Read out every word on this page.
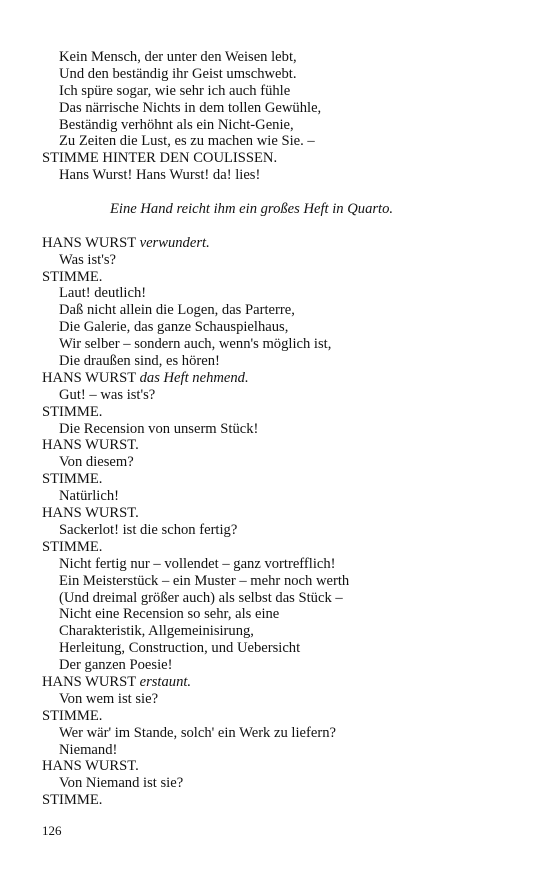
Kein Mensch, der unter den Weisen lebt,
Und den beständig ihr Geist umschwebt.
Ich spüre sogar, wie sehr ich auch fühle
Das närrische Nichts in dem tollen Gewühle,
Beständig verhöhnt als ein Nicht-Genie,
Zu Zeiten die Lust, es zu machen wie Sie. –
STIMME HINTER DEN COULISSEN.
Hans Wurst! Hans Wurst! da! lies!
Eine Hand reicht ihm ein großes Heft in Quarto.
HANS WURST verwundert.
Was ist's?
STIMME.
Laut! deutlich!
Daß nicht allein die Logen, das Parterre,
Die Galerie, das ganze Schauspielhaus,
Wir selber – sondern auch, wenn's möglich ist,
Die draußen sind, es hören!
HANS WURST das Heft nehmend.
Gut! – was ist's?
STIMME.
Die Recension von unserm Stück!
HANS WURST.
Von diesem?
STIMME.
Natürlich!
HANS WURST.
Sackerlot! ist die schon fertig?
STIMME.
Nicht fertig nur – vollendet – ganz vortrefflich!
Ein Meisterstück – ein Muster – mehr noch werth
(Und dreimal größer auch) als selbst das Stück –
Nicht eine Recension so sehr, als eine
Charakteristik, Allgemeinisirung,
Herleitung, Construction, und Uebersicht
Der ganzen Poesie!
HANS WURST erstaunt.
Von wem ist sie?
STIMME.
Wer wär' im Stande, solch' ein Werk zu liefern?
Niemand!
HANS WURST.
Von Niemand ist sie?
STIMME.
126
